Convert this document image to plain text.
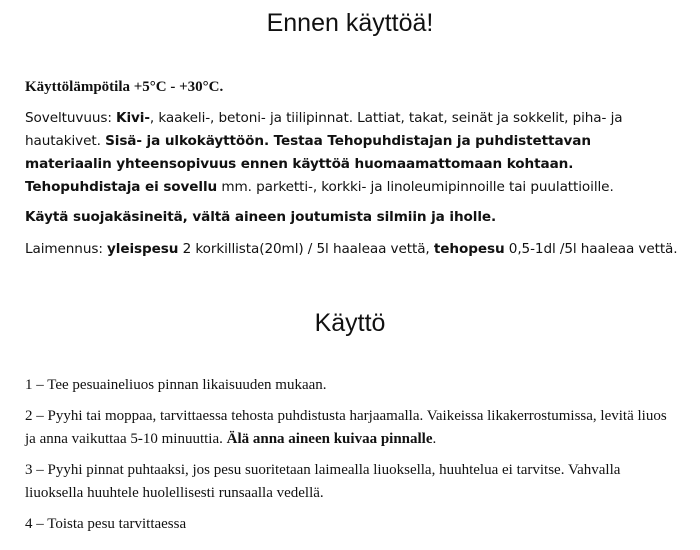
Ennen käyttöä!

Käyttölämpötila +5°C - +30°C.

Soveltuvuus: Kivi-, kaakeli-, betoni- ja tiilipinnat. Lattiat, takat, seinät ja sokkelit, piha- ja hautakivet. Sisä- ja ulkokäyttöön. Testaa Tehopuhdistajan ja puhdistettavan materiaalin yhteensopivuus ennen käyttöä huomaamattomaan kohtaan.
Tehopuhdistaja ei sovellu mm. parketti-, korkki- ja linoleumipinnoille tai puulattioille.

Käytä suojakäsineitä, vältä aineen joutumista silmiin ja iholle.

Laimennus: yleispesu 2 korkillista(20ml) / 5l haaleaa vettä, tehopesu 0,5-1dl /5l haaleaa vettä.

Käyttö

1 – Tee pesuaineliuos pinnan likaisuuden mukaan.

2 – Pyyhi tai moppaa, tarvittaessa tehosta puhdistusta harjaamalla. Vaikeissa likakerrostumissa, levitä liuos ja anna vaikuttaa 5-10 minuuttia. Älä anna aineen kuivaa pinnalle.

3 – Pyyhi pinnat puhtaaksi, jos pesu suoritetaan laimealla liuoksella, huuhtelua ei tarvitse. Vahvalla liuoksella huuhtele huolellisesti runsaalla vedellä.

4 – Toista pesu tarvittaessa
